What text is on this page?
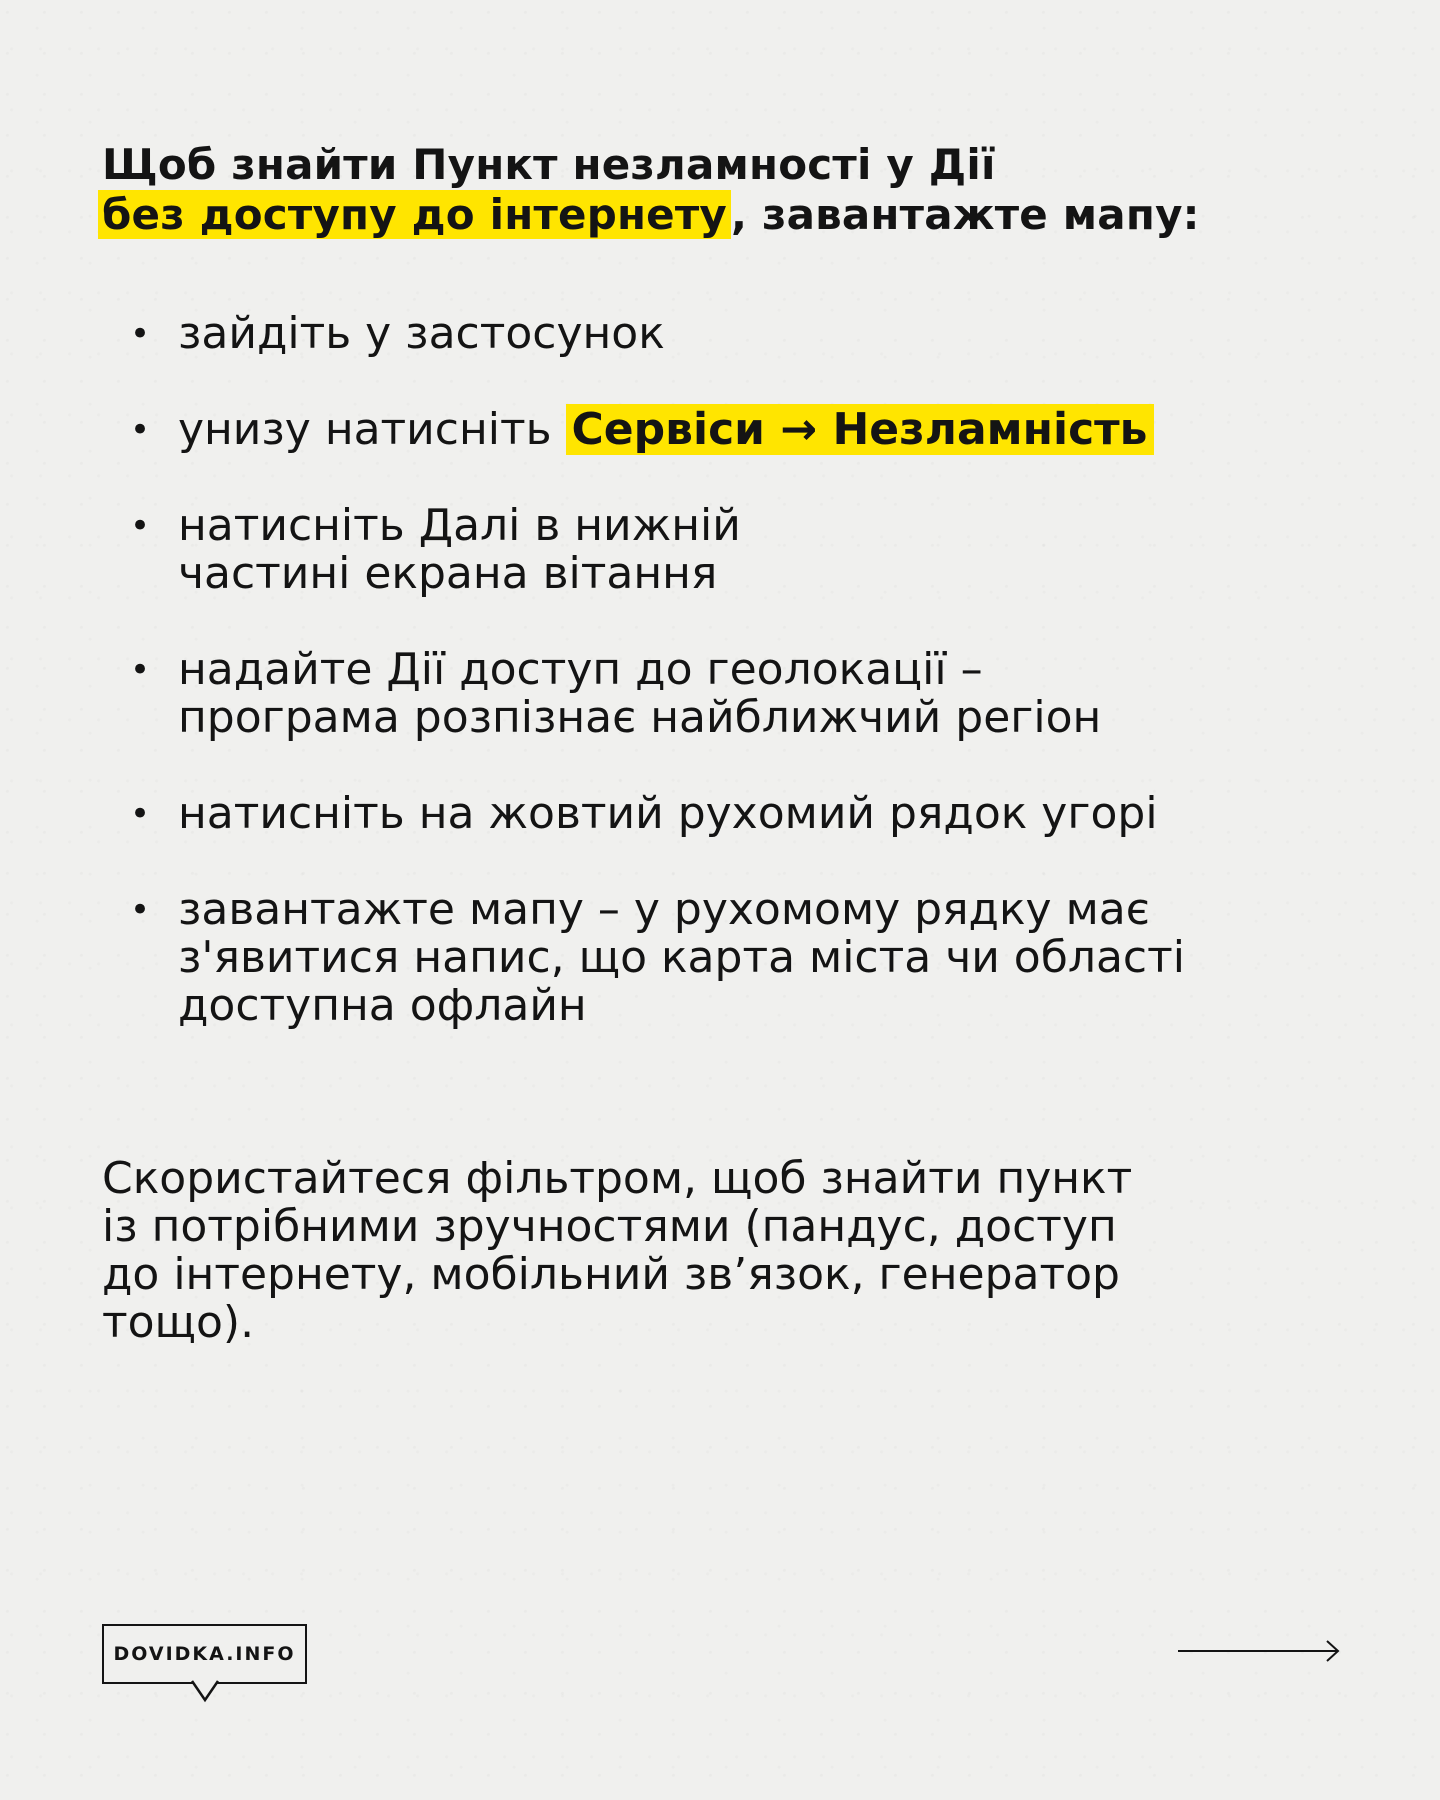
Щоб знайти Пункт незламності у Дії
без доступу до інтернету, завантажте мапу:
• зайдіть у застосунок
• унизу натисніть Сервіси → Незламність
• натисніть Далі в нижній
частині екрана вітання
• надайте Дії доступ до геолокації –
програма розпізнає найближчий регіон
• натисніть на жовтий рухомий рядок угорі
• завантажте мапу – у рухомому рядку має
з'явитися напис, що карта міста чи області
доступна офлайн
Скористайтеся фільтром, щоб знайти пункт
із потрібними зручностями (пандус, доступ
до інтернету, мобільний зв’язок, генератор
тощо).
DOVIDKA.INFO
